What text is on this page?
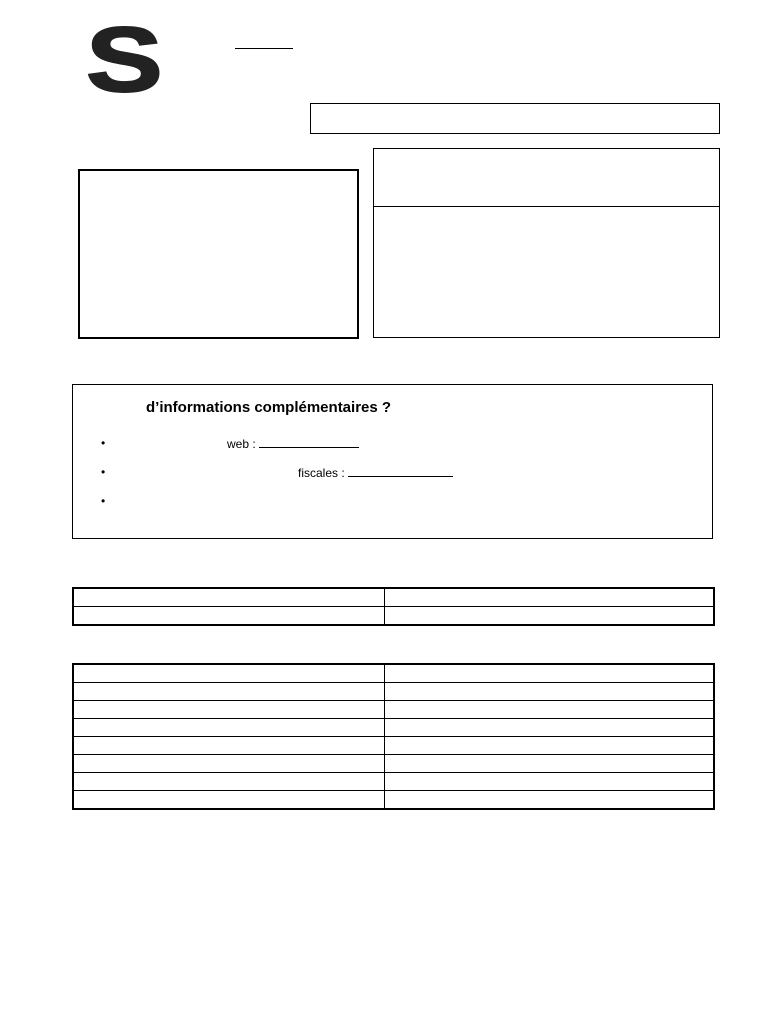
S
d’informations complémentaires ?
•	web :
•	fiscales :
•
